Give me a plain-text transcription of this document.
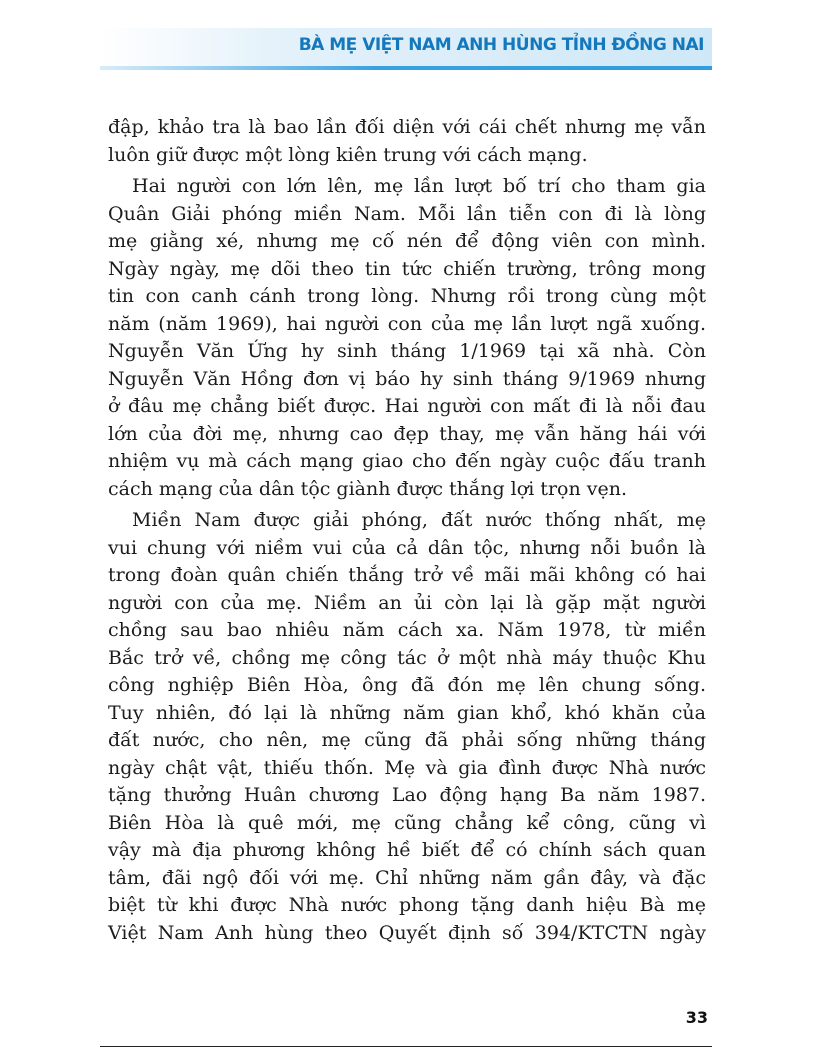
BÀ MẸ VIỆT NAM ANH HÙNG TỈNH ĐỒNG NAI

đập, khảo tra là bao lần đối diện với cái chết nhưng mẹ vẫn

luôn giữ được một lòng kiên trung với cách mạng.

Hai người con lớn lên, mẹ lần lượt bố trí cho tham gia

Quân Giải phóng miền Nam. Mỗi lần tiễn con đi là lòng

mẹ giằng xé, nhưng mẹ cố nén để động viên con mình.

Ngày ngày, mẹ dõi theo tin tức chiến trường, trông mong

tin con canh cánh trong lòng. Nhưng rồi trong cùng một

năm (năm 1969), hai người con của mẹ lần lượt ngã xuống.

Nguyễn Văn Ứng hy sinh tháng 1/1969 tại xã nhà. Còn

Nguyễn Văn Hồng đơn vị báo hy sinh tháng 9/1969 nhưng

ở đâu mẹ chẳng biết được. Hai người con mất đi là nỗi đau

lớn của đời mẹ, nhưng cao đẹp thay, mẹ vẫn hăng hái với

nhiệm vụ mà cách mạng giao cho đến ngày cuộc đấu tranh

cách mạng của dân tộc giành được thắng lợi trọn vẹn.

Miền Nam được giải phóng, đất nước thống nhất, mẹ

vui chung với niềm vui của cả dân tộc, nhưng nỗi buồn là

trong đoàn quân chiến thắng trở về mãi mãi không có hai

người con của mẹ. Niềm an ủi còn lại là gặp mặt người

chồng sau bao nhiêu năm cách xa. Năm 1978, từ miền

Bắc trở về, chồng mẹ công tác ở một nhà máy thuộc Khu

công nghiệp Biên Hòa, ông đã đón mẹ lên chung sống.

Tuy nhiên, đó lại là những năm gian khổ, khó khăn của

đất nước, cho nên, mẹ cũng đã phải sống những tháng

ngày chật vật, thiếu thốn. Mẹ và gia đình được Nhà nước

tặng thưởng Huân chương Lao động hạng Ba năm 1987.

Biên Hòa là quê mới, mẹ cũng chẳng kể công, cũng vì

vậy mà địa phương không hề biết để có chính sách quan

tâm, đãi ngộ đối với mẹ. Chỉ những năm gần đây, và đặc

biệt từ khi được Nhà nước phong tặng danh hiệu Bà mẹ

Việt Nam Anh hùng theo Quyết định số 394/KTCTN ngày

33
